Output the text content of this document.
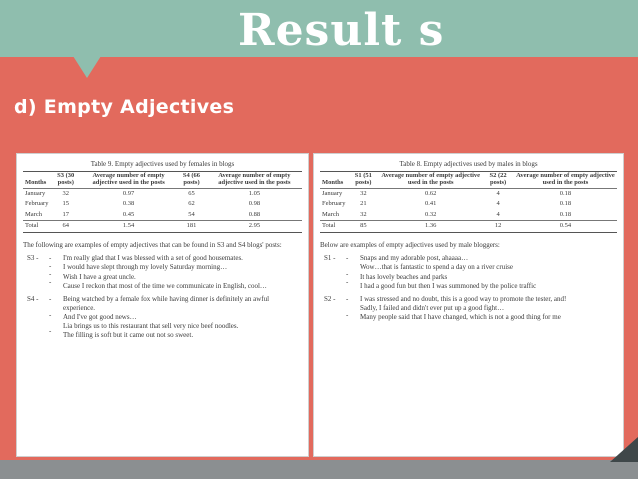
Result s
d) Empty Adjectives
Table 9. Empty adjectives used by females in blogs
Months	S3 (30 posts)	Average number of empty adjective used in the posts	S4 (66 posts)	Average number of empty adjective used in the posts
January	32	0.97	65	1.05
February	15	0.38	62	0.98
March	17	0.45	54	0.88
Total	64	1.54	181	2.95
The following are examples of empty adjectives that can be found in S3 and S4 blogs' posts:
S3 -	-
-
-
-
I'm really glad that I was blessed with a set of good housemates.
I would have slept through my lovely Saturday morning…
Wish I have a great uncle.
Cause I reckon that most of the time we communicate in English, cool…
S4 -	-

-

-
Being watched by a female fox while having dinner is definitely an awful experience.
And I've got good news…
Lia brings us to this restaurant that sell very nice beef noodles.
The filling is soft but it came out not so sweet.
Table 8. Empty adjectives used by males in blogs
Months	S1 (51 posts)	Average number of empty adjective used in the posts	S2 (22 posts)	Average number of empty adjective used in the posts
January	32	0.62	4	0.18
February	21	0.41	4	0.18
March	32	0.32	4	0.18
Total	85	1.36	12	0.54
Below are examples of empty adjectives used by male bloggers:
S1 -	-

-
-
Snaps and my adorable post, ahaaaa…
Wow…that is fantastic to spend a day on a river cruise
It has lovely beaches and parks
I had a good fun but then I was summoned by the police traffic
S2 -	-

-
I was stressed and no doubt, this is a good way to promote the tester, and!
Sadly, I failed and didn't ever put up a good fight…
Many people said that I have changed, which is not a good thing for me
